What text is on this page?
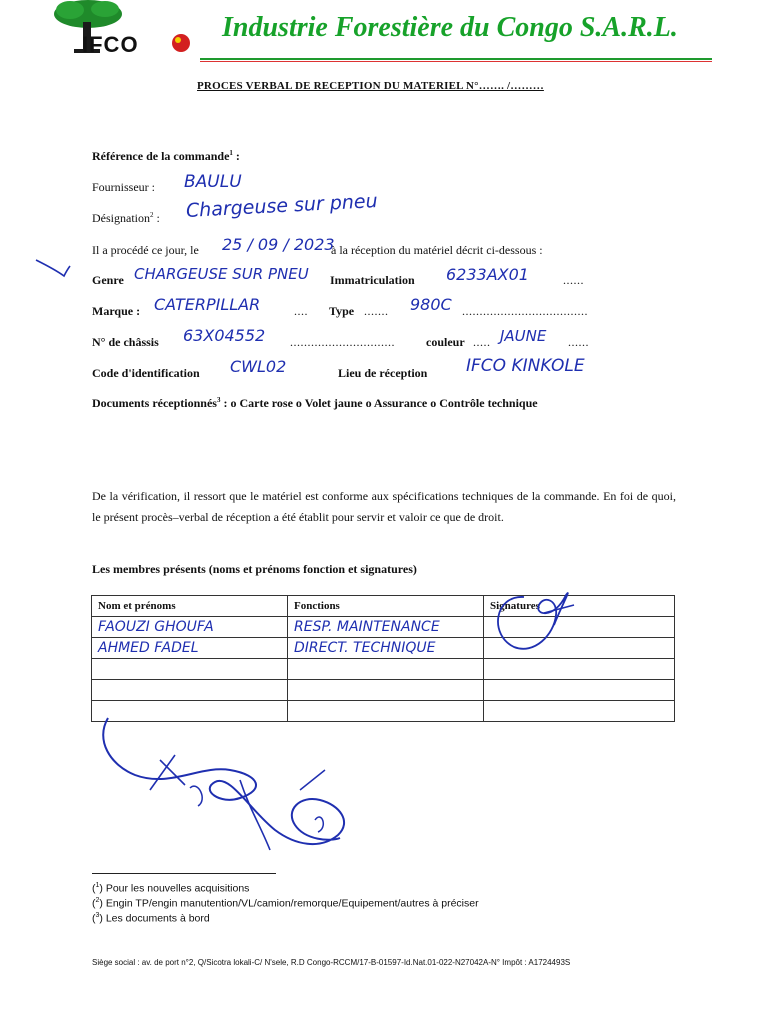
IFCO
Industrie Forestière du Congo S.A.R.L.
PROCES VERBAL DE RECEPTION DU MATERIEL N°……. /………
Référence de la commande$^1$ :
Fournisseur : BAULU
Désignation$^2$ : Chargeuse sur pneu
Il a procédé ce jour, le 25 / 09 / 2023
à la réception du matériel décrit ci-dessous :
Genre CHARGEUSE SUR PNEU Immatriculation 6233AX01	......
Marque : CATERPILLAR	.... Type ....... 980C ....................................
N° de châssis 63X04552 ..............................	couleur ..... JAUNE ......
Code d'identification CWL02	Lieu de réception IFCO KINKOLE
Documents réceptionnés$^3$ : o Carte rose o Volet jaune o Assurance o Contrôle technique
De la vérification, il ressort que le matériel est conforme aux spécifications techniques de la commande. En foi de quoi, le présent procès–verbal de réception a été établit pour servir et valoir ce que de droit.
Les membres présents (noms et prénoms fonction et signatures)
Nom et prénoms	Fonctions	Signatures
FAOUZI GHOUFA	RESP. MAINTENANCE	
AHMED FADEL	DIRECT. TECHNIQUE	

($^1$) Pour les nouvelles acquisitions
($^2$) Engin TP/engin manutention/VL/camion/remorque/Equipement/autres à préciser
($^3$) Les documents à bord
Siège social : av. de port n°2, Q/Sicotra lokali-C/ N'sele, R.D Congo-RCCM/17-B-01597-Id.Nat.01-022-N27042A-N° Impôt : A1724493S
